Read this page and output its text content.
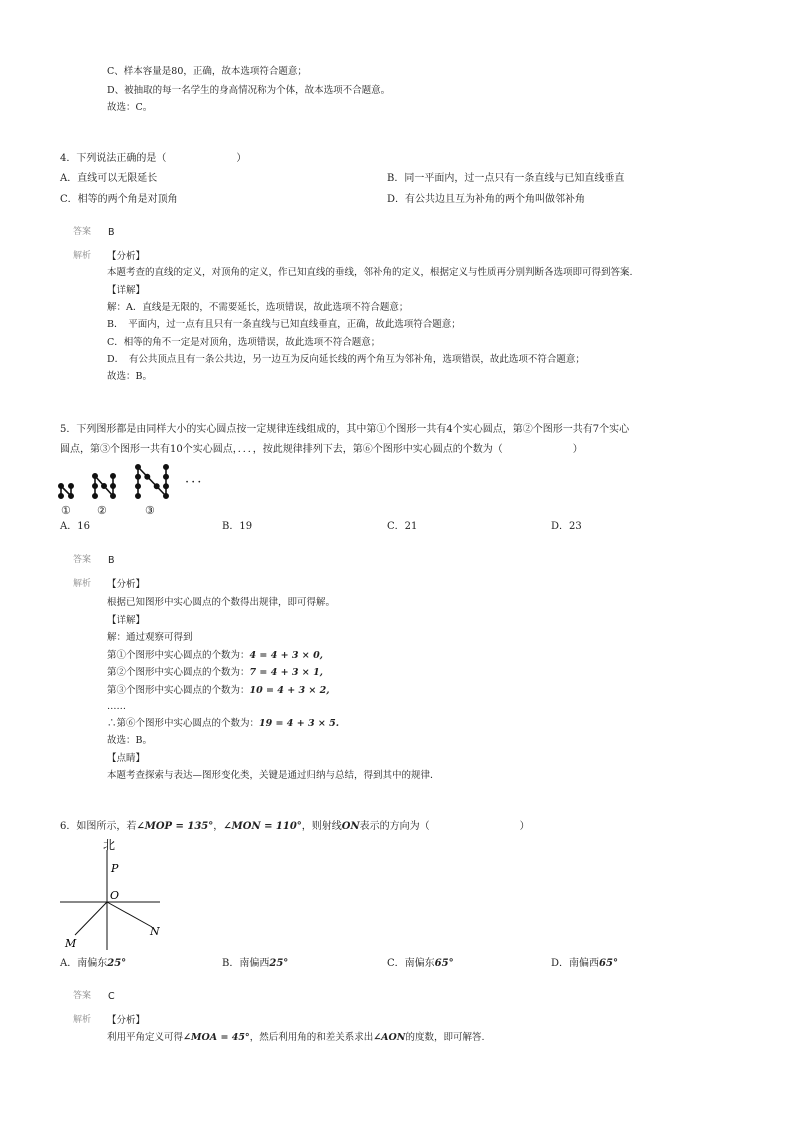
C、样本容量是80，正确，故本选项符合题意；
D、被抽取的每一名学生的身高情况称为个体，故本选项不合题意。
故选：C。
4．下列说法正确的是（　　　　　　　）
A．直线可以无限延长	B．同一平面内，过一点只有一条直线与已知直线垂直
C．相等的两个角是对顶角	D．有公共边且互为补角的两个角叫做邻补角
答案 B
解析 【分析】
本题考查的直线的定义，对顶角的定义，作已知直线的垂线，邻补角的定义，根据定义与性质再分别判断各选项即可得到答案.
【详解】
解：A．直线是无限的，不需要延长，选项错误，故此选项不符合题意；
B．　平面内，过一点有且只有一条直线与已知直线垂直，正确，故此选项符合题意；
C．相等的角不一定是对顶角，选项错误，故此选项不符合题意；
D．　有公共顶点且有一条公共边，另一边互为反向延长线的两个角互为邻补角，选项错误，故此选项不符合题意；
故选：B。
5．下列图形都是由同样大小的实心圆点按一定规律连线组成的，其中第①个图形一共有4个实心圆点，第②个图形一共有7个实心
圆点，第③个图形一共有10个实心圆点，．．．，按此规律排列下去，第⑥个图形中实心圆点的个数为（　　　　　　　）
···
① ②	③
A．16	B．19	C．21	D．23
答案 B
解析 【分析】
根据已知图形中实心圆点的个数得出规律，即可得解。
【详解】
解：通过观察可得到
第①个图形中实心圆点的个数为：4 = 4 + 3 × 0,
第②个图形中实心圆点的个数为：7 = 4 + 3 × 1,
第③个图形中实心圆点的个数为：10 = 4 + 3 × 2,
……
∴第⑥个图形中实心圆点的个数为：19 = 4 + 3 × 5.
故选：B。
【点睛】
本题考查探索与表达—图形变化类，关键是通过归纳与总结，得到其中的规律．
6．如图所示，若∠MOP = 135°，∠MON = 110°，则射线ON表示的方向为（　　　　　　　　　）
北
P
O
N
M
A．南偏东25°	B．南偏西25°	C．南偏东65°	D．南偏西65°
答案 C
解析 【分析】
利用平角定义可得∠MOA = 45°，然后利用角的和差关系求出∠AON的度数，即可解答.
